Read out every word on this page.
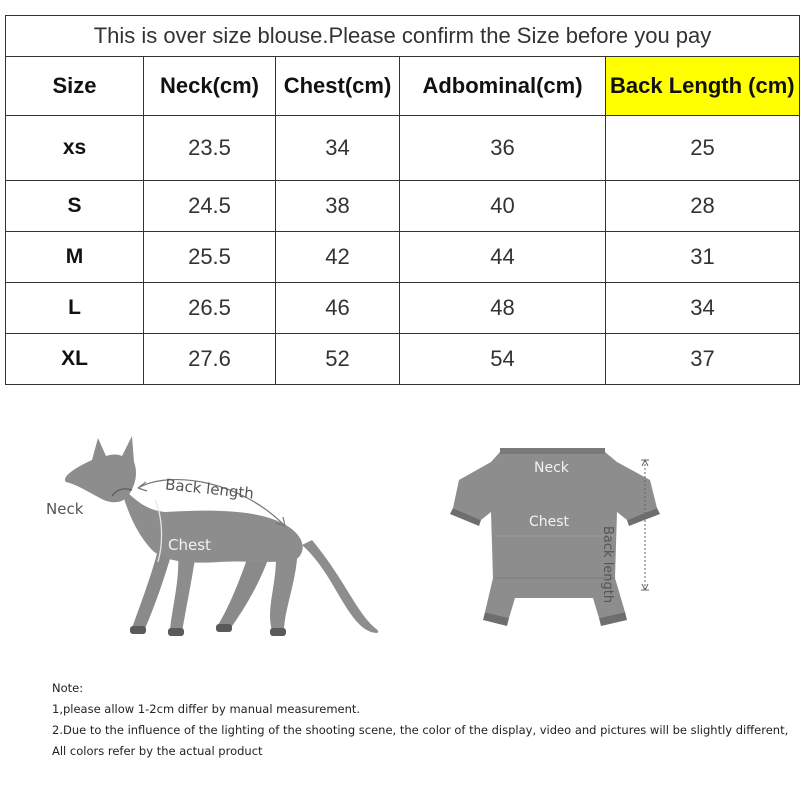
This is over size blouse.Please confirm the Size before you pay				
Size	Neck(cm)	Chest(cm)	Adbominal(cm)	Back Length (cm)
xs	23.5	34	36	25
S	24.5	38	40	28
M	25.5	42	44	31
L	26.5	46	48	34
XL	27.6	52	54	37
Neck
Back length
Chest
Neck
Chest
Back length
Note:
1,please allow 1-2cm differ by manual measurement.
2.Due to the influence of the lighting of the shooting scene, the color of the display, video and pictures will be slightly different,
All colors refer by the actual product
